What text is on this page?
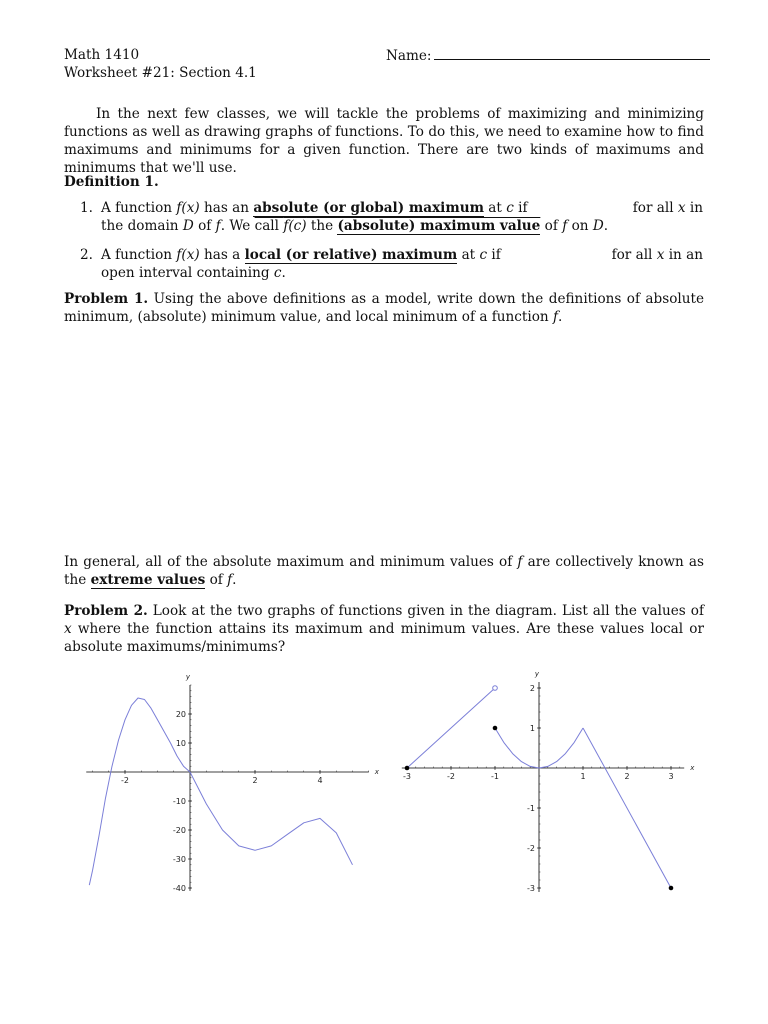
Math 1410
Worksheet #21: Section 4.1
Name:
In the next few classes, we will tackle the problems of maximizing and minimizing functions as well as drawing graphs of functions. To do this, we need to examine how to find maximums and minimums for a given function. There are two kinds of maximums and minimums that we'll use.
Definition 1.
1. A function f(x) has an absolute (or global) maximum at c if	for all x in
the domain D of f. We call f(c) the (absolute) maximum value of f on D.
2. A function f(x) has a local (or relative) maximum at c if	for all x in an
open interval containing c.
Problem 1. Using the above definitions as a model, write down the definitions of absolute minimum, (absolute) minimum value, and local minimum of a function f.
In general, all of the absolute maximum and minimum values of f are collectively known as the extreme values of f.
Problem 2. Look at the two graphs of functions given in the diagram. List all the values of x where the function attains its maximum and minimum values. Are these values local or absolute maximums/minimums?
x
y
-2	2	4
20
10
-10
-20
-30
-40
x
y
-3	-2	-1	1	2	3
2
1
-1
-2
-3
